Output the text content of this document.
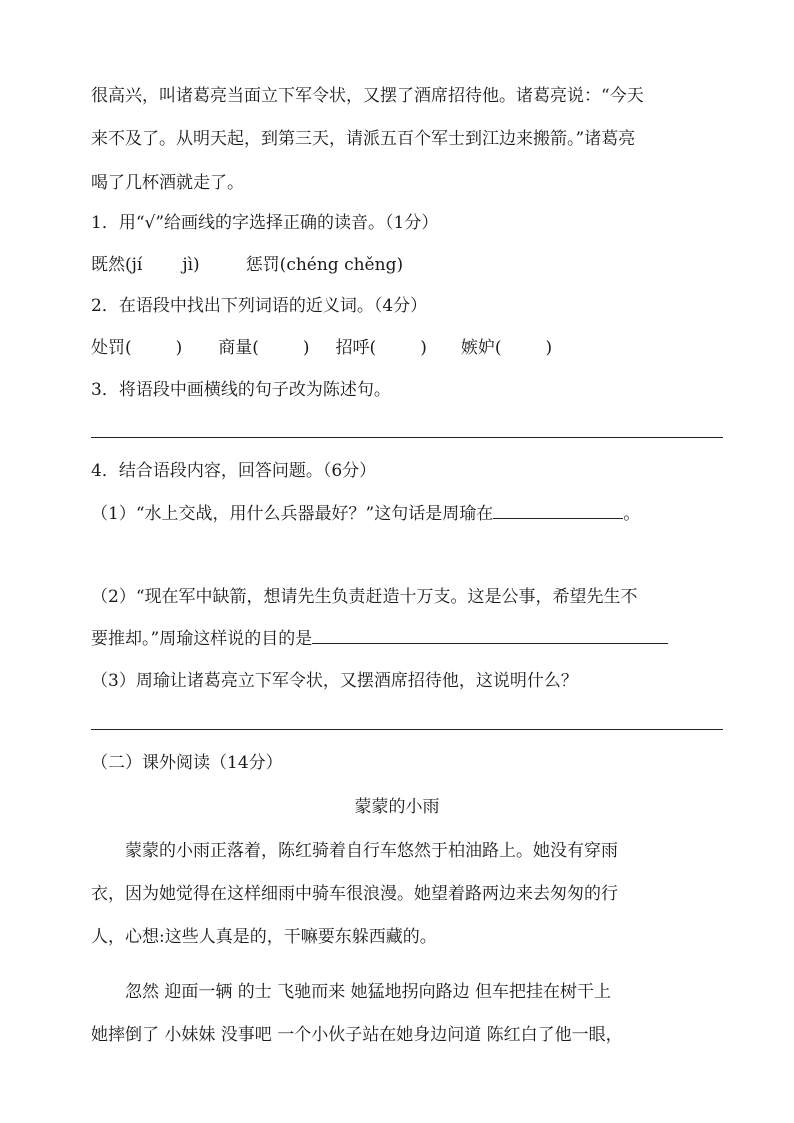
很高兴，叫诸葛亮当面立下军令状，又摆了酒席招待他。诸葛亮说：“今天
来不及了。从明天起，到第三天，请派五百个军士到江边来搬箭。”诸葛亮
喝了几杯酒就走了。
1．用“√”给画线的字选择正确的读音。（1分）
既然(jí jì)	惩罚(chéng chěng)
2．在语段中找出下列词语的近义词。（4分）
处罚(	) 商量(	) 招呼(	) 嫉妒(	)
3．将语段中画横线的句子改为陈述句。
4．结合语段内容，回答问题。（6分）
（1）“水上交战，用什么兵器最好？”这句话是周瑜在	。
（2）“现在军中缺箭，想请先生负责赶造十万支。这是公事，希望先生不
要推却。”周瑜这样说的目的是
（3）周瑜让诸葛亮立下军令状，又摆酒席招待他，这说明什么？
（二）课外阅读（14分）
蒙蒙的小雨
蒙蒙的小雨正落着，陈红骑着自行车悠然于柏油路上。她没有穿雨
衣，因为她觉得在这样细雨中骑车很浪漫。她望着路两边来去匆匆的行
人，心想:这些人真是的，干嘛要东躲西藏的。
忽然 迎面一辆 的士 飞驰而来 她猛地拐向路边 但车把挂在树干上
她摔倒了 小妹妹 没事吧 一个小伙子站在她身边问道 陈红白了他一眼，
